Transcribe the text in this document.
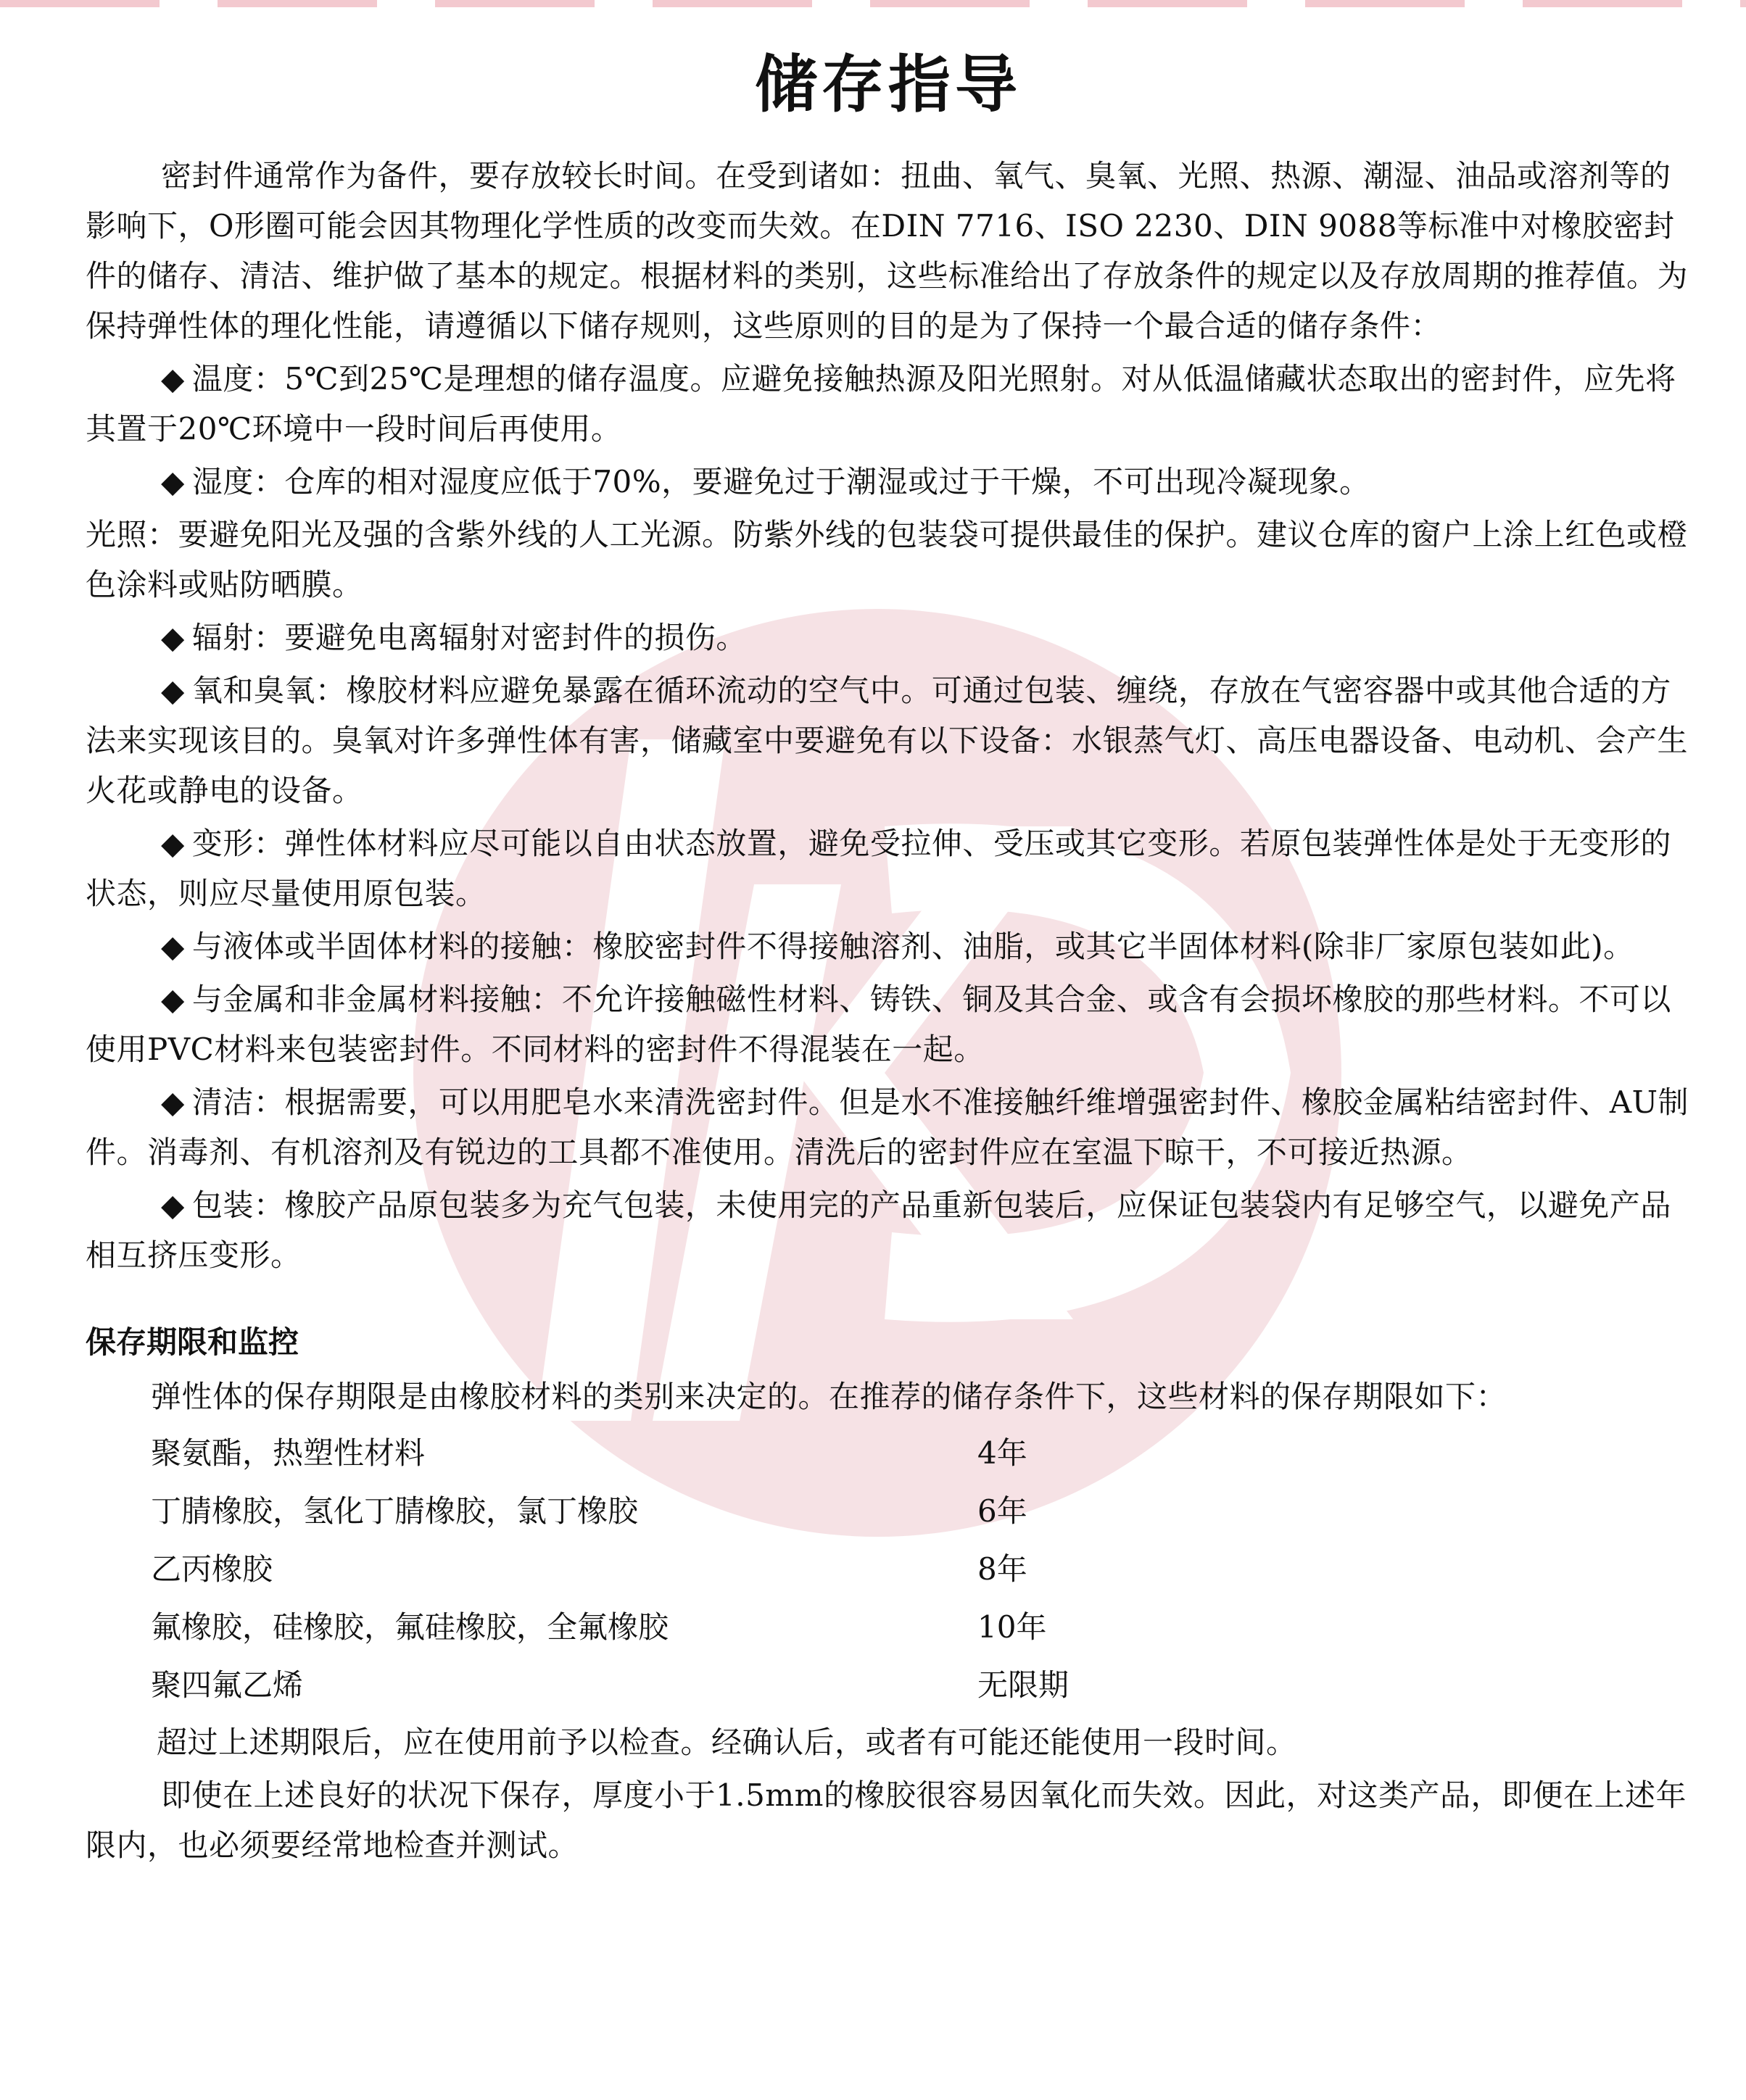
储存指导

密封件通常作为备件，要存放较长时间。在受到诸如：扭曲、氧气、臭氧、光照、热源、潮湿、油品或溶剂等的影响下，O形圈可能会因其物理化学性质的改变而失效。在DIN 7716、ISO 2230、DIN 9088等标准中对橡胶密封件的储存、清洁、维护做了基本的规定。根据材料的类别，这些标准给出了存放条件的规定以及存放周期的推荐值。为保持弹性体的理化性能，请遵循以下储存规则，这些原则的目的是为了保持一个最合适的储存条件：

◆ 温度：5℃到25℃是理想的储存温度。应避免接触热源及阳光照射。对从低温储藏状态取出的密封件，应先将其置于20℃环境中一段时间后再使用。

◆ 湿度：仓库的相对湿度应低于70%，要避免过于潮湿或过于干燥，不可出现冷凝现象。

光照：要避免阳光及强的含紫外线的人工光源。防紫外线的包装袋可提供最佳的保护。建议仓库的窗户上涂上红色或橙色涂料或贴防晒膜。

◆ 辐射：要避免电离辐射对密封件的损伤。

◆ 氧和臭氧：橡胶材料应避免暴露在循环流动的空气中。可通过包装、缠绕，存放在气密容器中或其他合适的方法来实现该目的。臭氧对许多弹性体有害，储藏室中要避免有以下设备：水银蒸气灯、高压电器设备、电动机、会产生火花或静电的设备。

◆ 变形：弹性体材料应尽可能以自由状态放置，避免受拉伸、受压或其它变形。若原包装弹性体是处于无变形的状态，则应尽量使用原包装。

◆ 与液体或半固体材料的接触：橡胶密封件不得接触溶剂、油脂，或其它半固体材料(除非厂家原包装如此)。

◆ 与金属和非金属材料接触：不允许接触磁性材料、铸铁、铜及其合金、或含有会损坏橡胶的那些材料。不可以使用PVC材料来包装密封件。不同材料的密封件不得混装在一起。

◆ 清洁：根据需要，可以用肥皂水来清洗密封件。但是水不准接触纤维增强密封件、橡胶金属粘结密封件、AU制件。消毒剂、有机溶剂及有锐边的工具都不准使用。清洗后的密封件应在室温下晾干，不可接近热源。

◆ 包装：橡胶产品原包装多为充气包装，未使用完的产品重新包装后，应保证包装袋内有足够空气，以避免产品相互挤压变形。

保存期限和监控

弹性体的保存期限是由橡胶材料的类别来决定的。在推荐的储存条件下，这些材料的保存期限如下：

聚氨酯，热塑性材料	4年
丁腈橡胶，氢化丁腈橡胶，氯丁橡胶	6年
乙丙橡胶	8年
氟橡胶，硅橡胶，氟硅橡胶，全氟橡胶	10年
聚四氟乙烯	无限期

超过上述期限后，应在使用前予以检查。经确认后，或者有可能还能使用一段时间。

即使在上述良好的状况下保存，厚度小于1.5mm的橡胶很容易因氧化而失效。因此，对这类产品，即便在上述年限内，也必须要经常地检查并测试。
